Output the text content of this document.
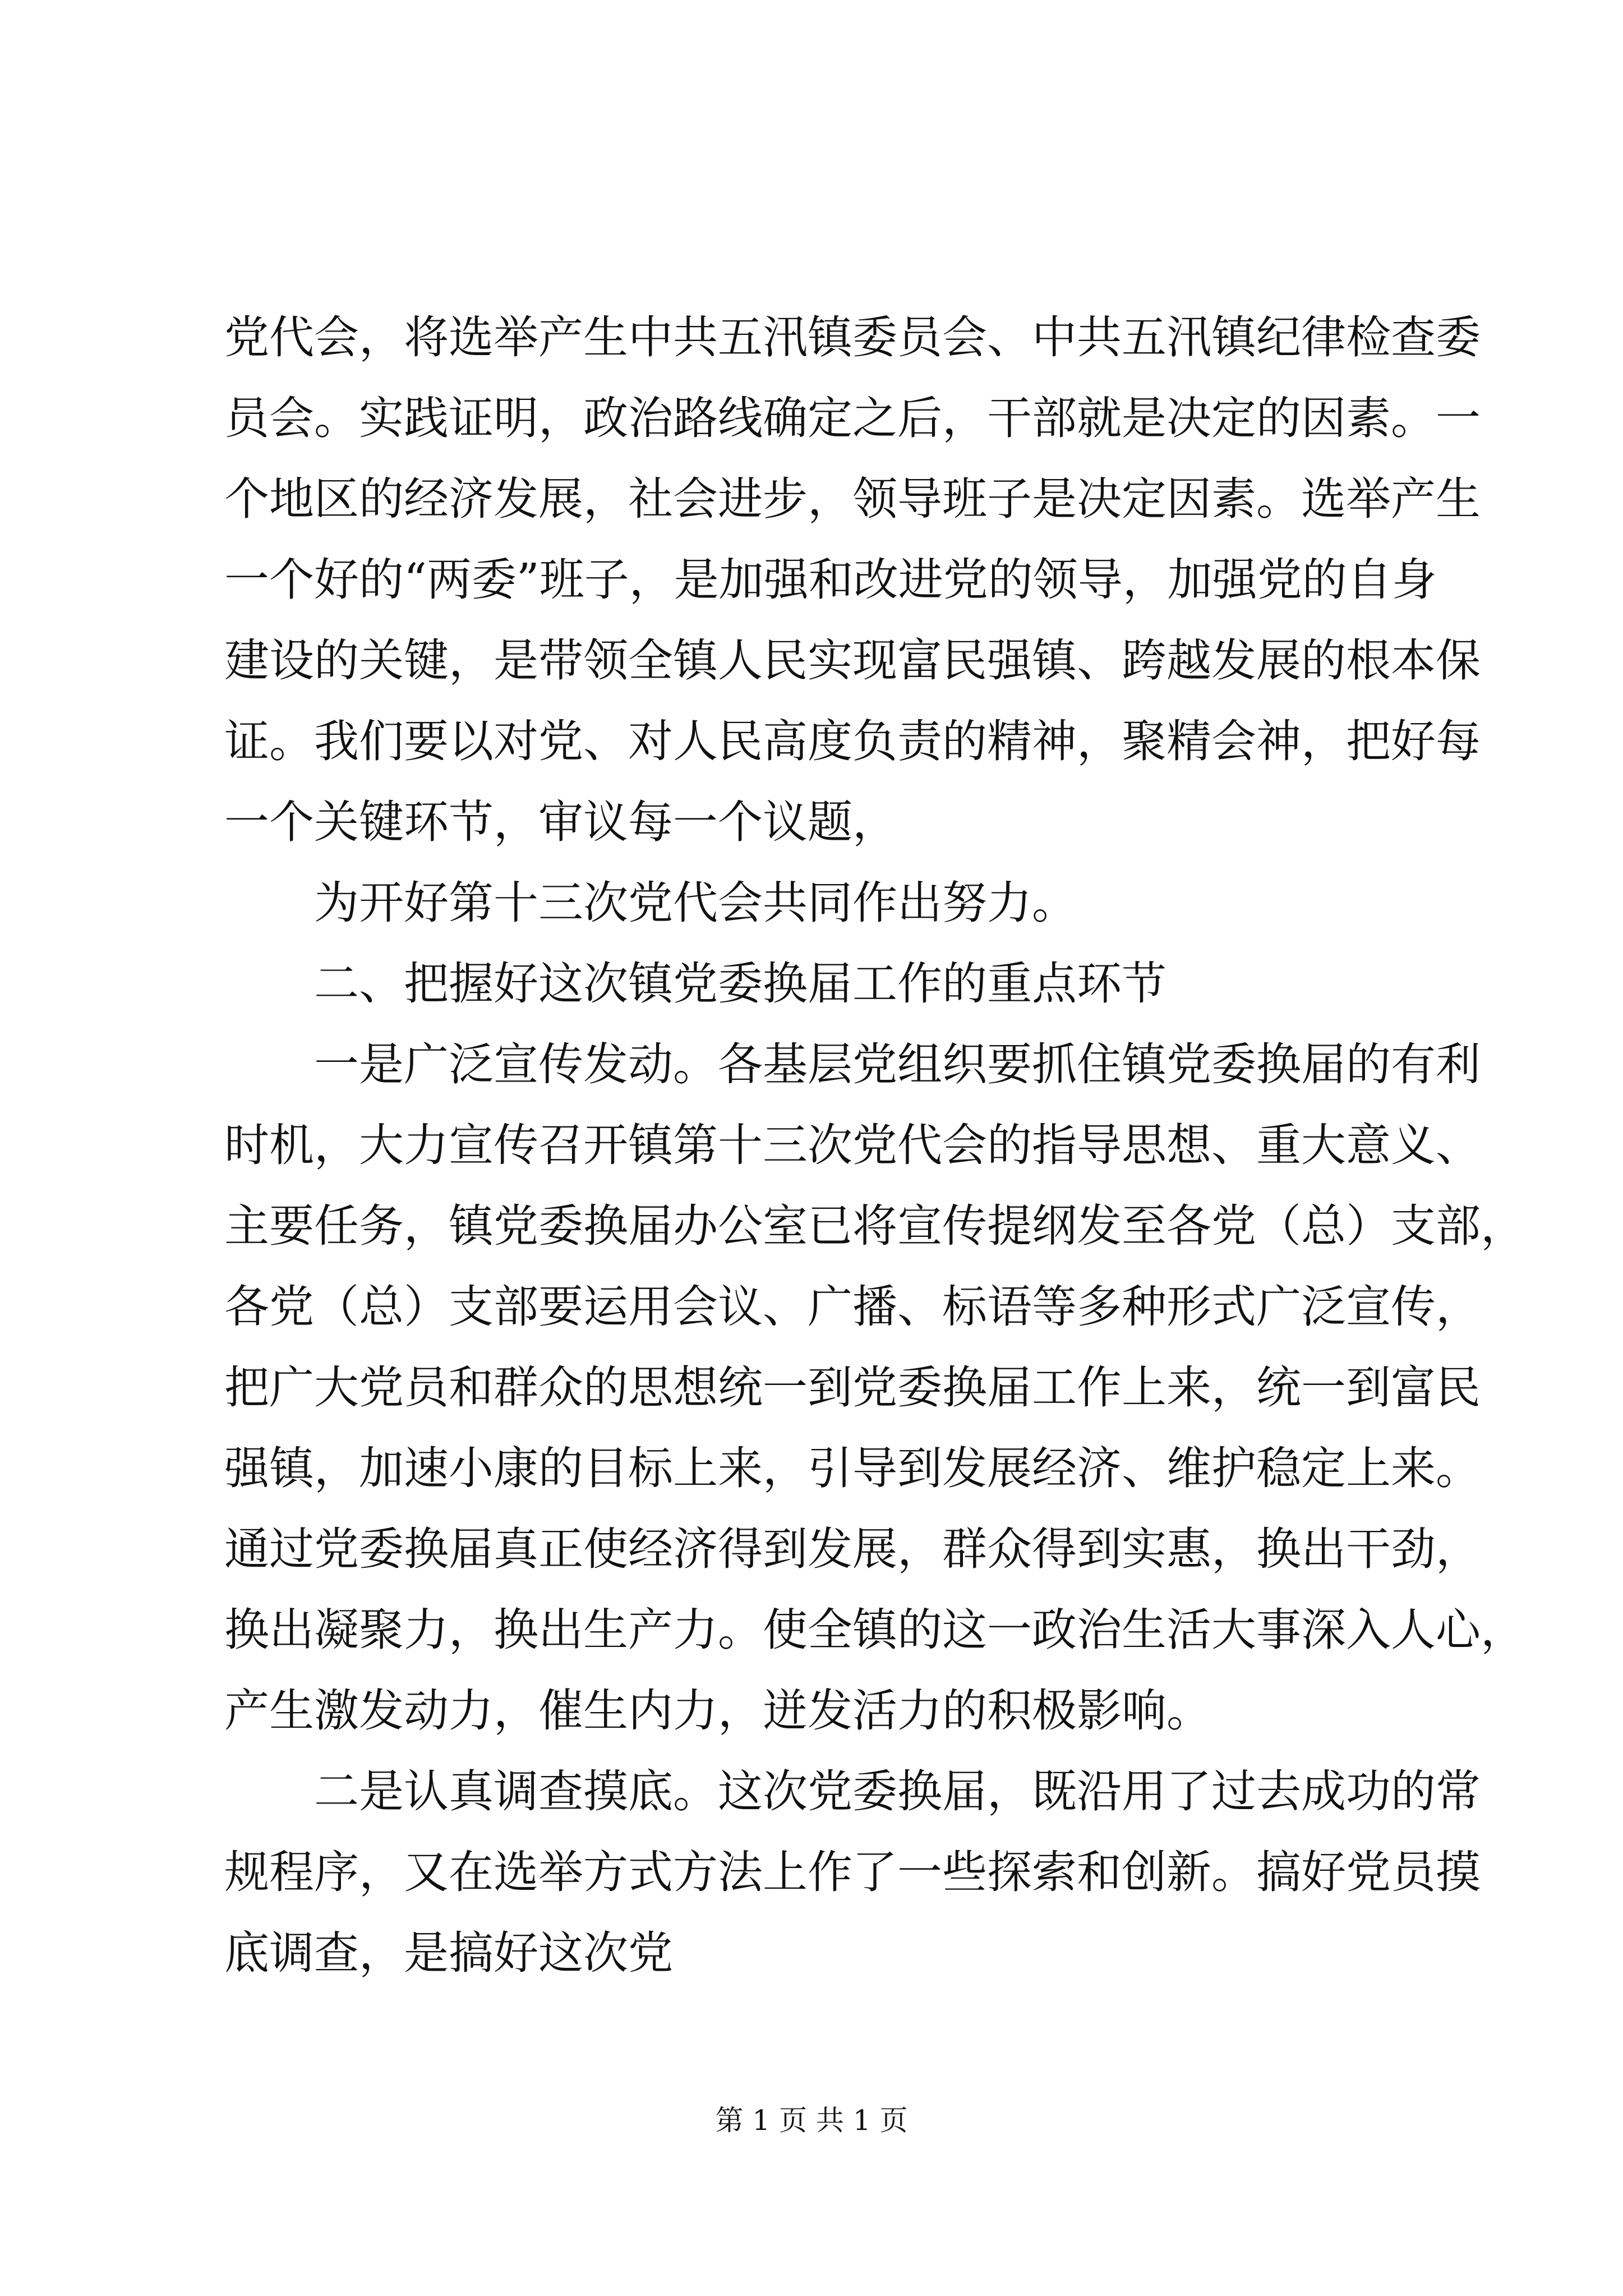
党代会，将选举产生中共五汛镇委员会、中共五汛镇纪律检查委
员会。实践证明，政治路线确定之后，干部就是决定的因素。一
个地区的经济发展，社会进步，领导班子是决定因素。选举产生
一个好的“两委”班子，是加强和改进党的领导，加强党的自身
建设的关键，是带领全镇人民实现富民强镇、跨越发展的根本保
证。我们要以对党、对人民高度负责的精神，聚精会神，把好每
一个关键环节，审议每一个议题，
为开好第十三次党代会共同作出努力。
二、把握好这次镇党委换届工作的重点环节
一是广泛宣传发动。各基层党组织要抓住镇党委换届的有利
时机，大力宣传召开镇第十三次党代会的指导思想、重大意义、
主要任务，镇党委换届办公室已将宣传提纲发至各党（总）支部，
各党（总）支部要运用会议、广播、标语等多种形式广泛宣传，
把广大党员和群众的思想统一到党委换届工作上来，统一到富民
强镇，加速小康的目标上来，引导到发展经济、维护稳定上来。
通过党委换届真正使经济得到发展，群众得到实惠，换出干劲，
换出凝聚力，换出生产力。使全镇的这一政治生活大事深入人心，
产生激发动力，催生内力，迸发活力的积极影响。
二是认真调查摸底。这次党委换届，既沿用了过去成功的常
规程序，又在选举方式方法上作了一些探索和创新。搞好党员摸
底调查，是搞好这次党
第 1 页 共 1 页
